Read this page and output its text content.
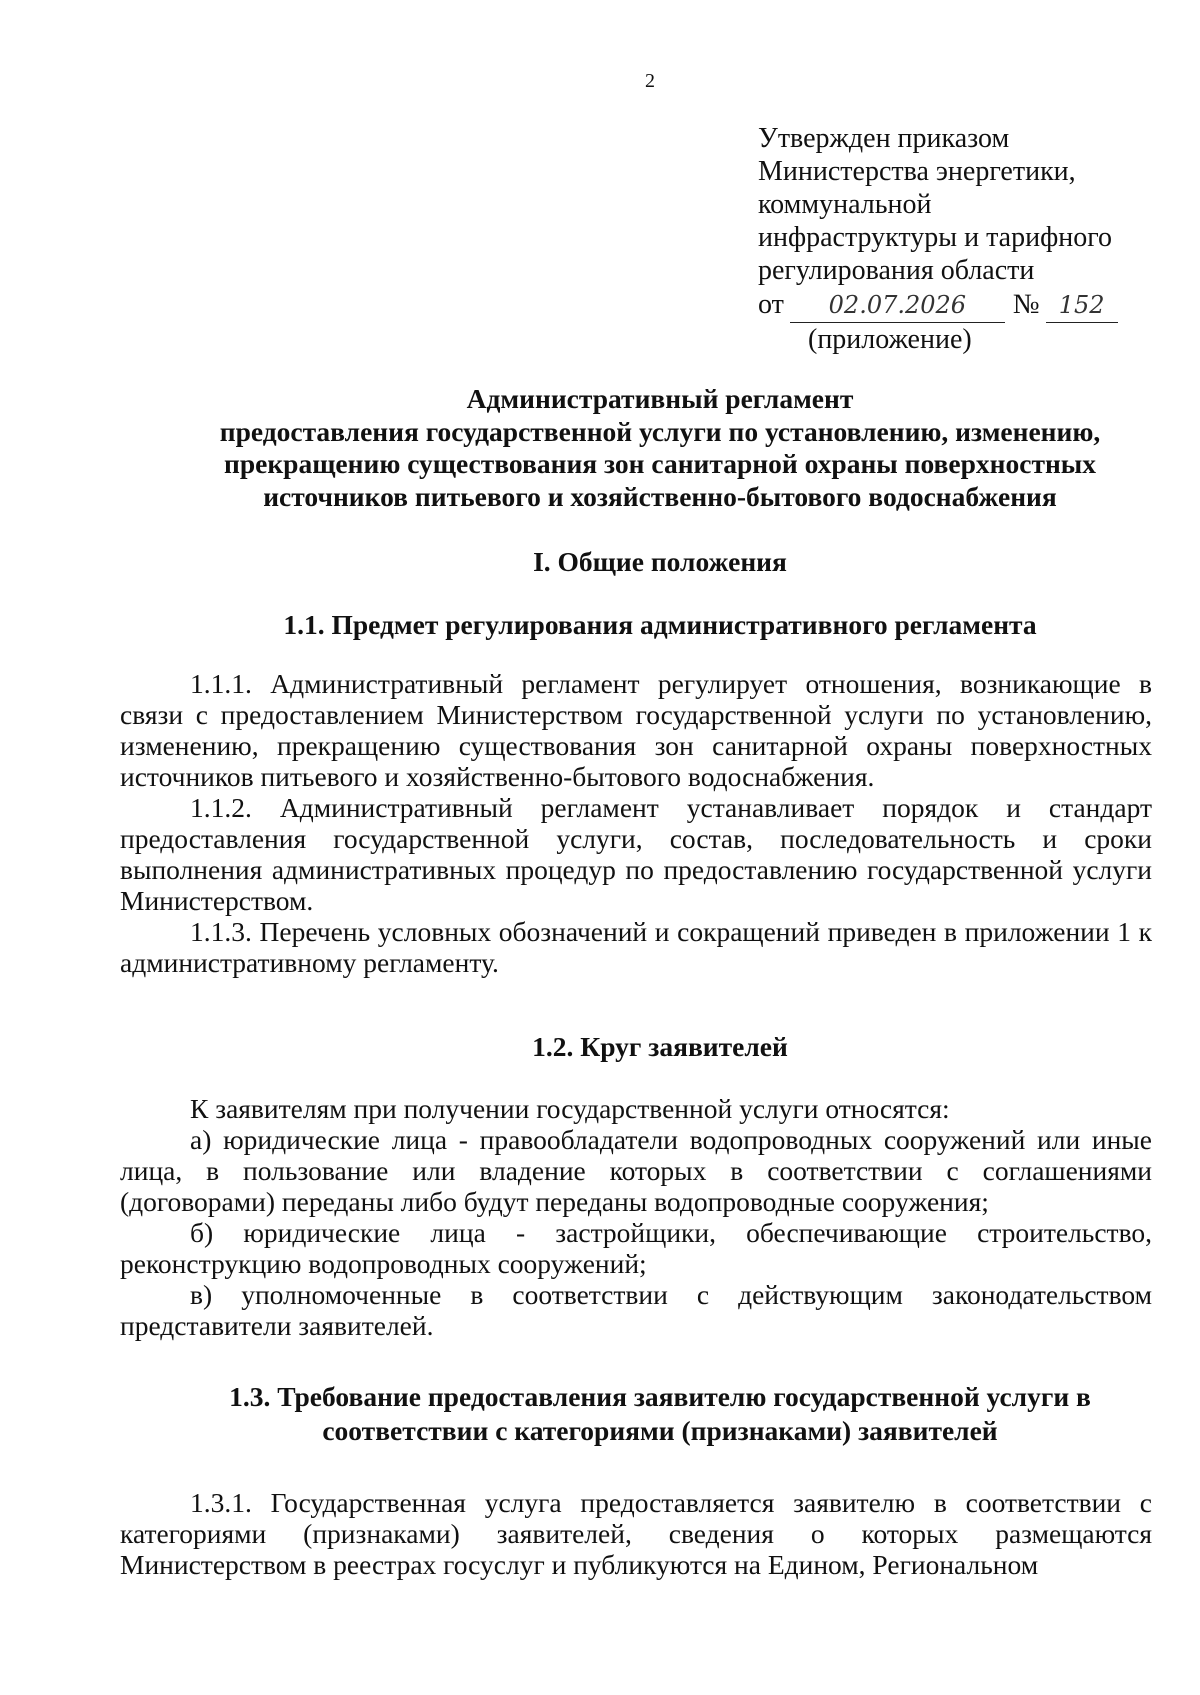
2
Утвержден приказом
Министерства энергетики,
коммунальной
инфраструктуры и тарифного
регулирования области
от 02.07.2026 № 152
(приложение)
Административный регламент
предоставления государственной услуги по установлению, изменению,
прекращению существования зон санитарной охраны поверхностных
источников питьевого и хозяйственно-бытового водоснабжения
I. Общие положения
1.1. Предмет регулирования административного регламента

1.1.1. Административный регламент регулирует отношения, возникающие в связи с предоставлением Министерством государственной услуги по установлению, изменению, прекращению существования зон санитарной охраны поверхностных источников питьевого и хозяйственно-бытового водоснабжения.

1.1.2. Административный регламент устанавливает порядок и стандарт предоставления государственной услуги, состав, последовательность и сроки выполнения административных процедур по предоставлению государственной услуги Министерством.

1.1.3. Перечень условных обозначений и сокращений приведен в приложении 1 к административному регламенту.

1.2. Круг заявителей

К заявителям при получении государственной услуги относятся:

а) юридические лица - правообладатели водопроводных сооружений или иные лица, в пользование или владение которых в соответствии с соглашениями (договорами) переданы либо будут переданы водопроводные сооружения;

б) юридические лица - застройщики, обеспечивающие строительство, реконструкцию водопроводных сооружений;

в) уполномоченные в соответствии с действующим законодательством представители заявителей.

1.3. Требование предоставления заявителю государственной услуги в
соответствии с категориями (признаками) заявителей

1.3.1. Государственная услуга предоставляется заявителю в соответствии с категориями (признаками) заявителей, сведения о которых размещаются Министерством в реестрах госуслуг и публикуются на Едином, Региональном
